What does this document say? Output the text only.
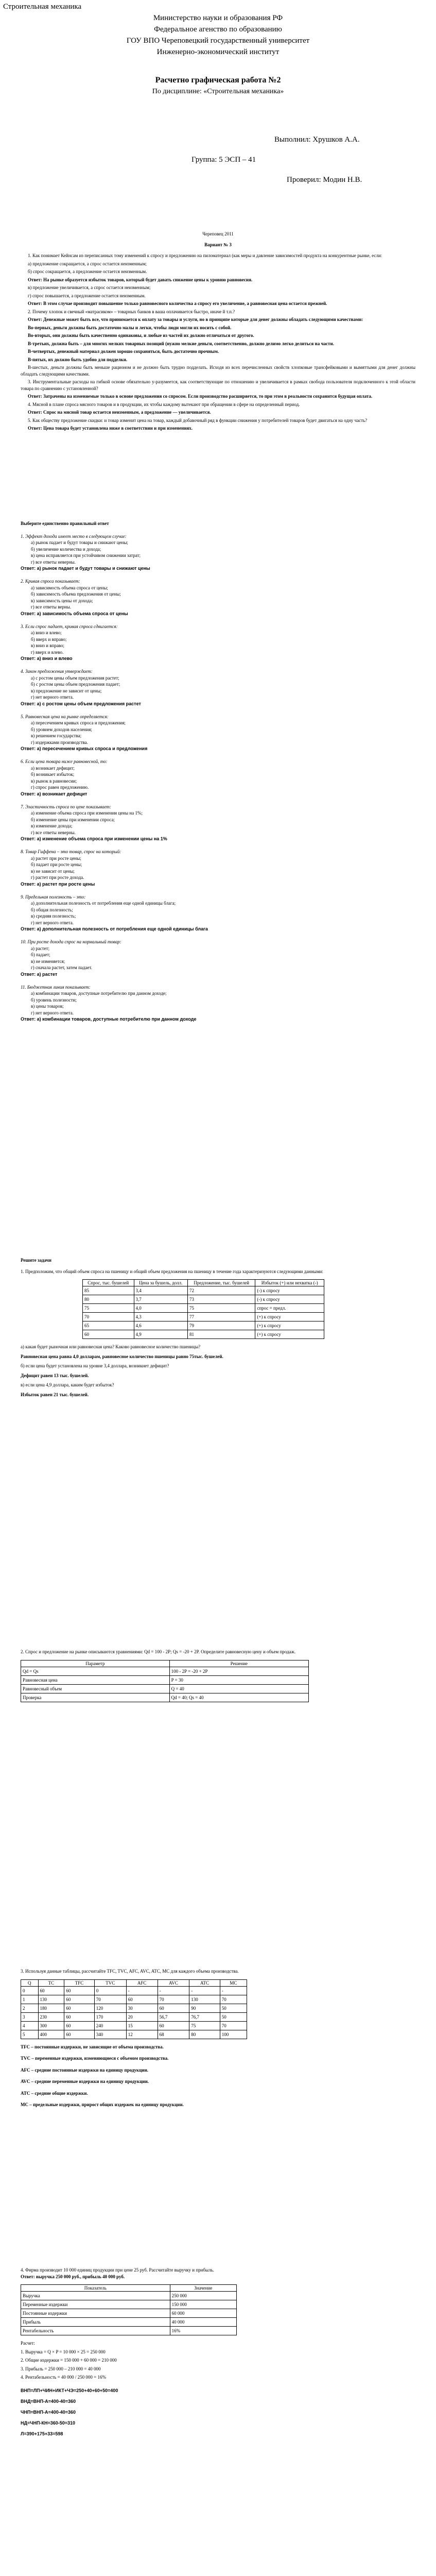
Строительная механика
Министерство науки и образования РФ
Федеральное агенство по образованию
ГОУ ВПО Череповецкий государственный университет
Инженерно-экономический институт
Расчетно графическая работа №2
По дисциплине: «Строительная механика»
Выполнил: Хрушков А.А.
Группа: 5 ЭСП – 41
Проверил: Модин Н.В.
Череповец 2011
Вариант № 3

1. Как понимает Кейнсам из переписанных тому изменений к спросу и предложению на пиломатериал (как меры и давление зависимостей продукта на конкурентные рынке, если:

а) предложение сокращается, а спрос остается неизменным;

б) спрос сокращается, а предложение остается неизменным.

Ответ: На рынке образуется избыток товаров, который будет давать снижение цены к уровню равновесия.

в) предложение увеличивается, а спрос остается неизменным;

г) спрос повышается, а предложение остается неизменным.

Ответ: В этом случае производит повышение только равновесного количества а спросу его увеличение, а равновесная цена остается прежней.

2. Почему хлопок и свечный «матрасиком» – товарных банков в ваша оплачивается быстро, иначе й т.п.?

Ответ: Денежные может быть все, что принимается к оплату за товары и услуги, но в принципе которые для денег должны обладать следующими качествами:

Во-первых, деньги должны быть достаточно малы и легки, чтобы люди могли их носить с собой.

Во-вторых, они должны быть качественно одинаковы, и любые из частей их должно отличаться от другого.

В-третьих, должна быть – для многих мелких товарных позиций (нужно мелкие деньги, соответственно, должно делимо легко делиться на части.

В-четвертых, денежный материал должен хорошо сохраняться, быть достаточно прочным.

В-пятых, их должно быть удобно для подделки.

В-шестых, деньги должны быть меньше рационом и не должно быть трудно подделать. Исходя из всех перечисленных свойств хлопковые трансфейковыми и вымяттыми для денег должны обладать следующими качествами.

3. Инструментальные расходы на гибкой основе обязательно у-разумеется, как соответствующие по отношению и увеличивается в рамках свобода пользователя подключенного к этой области товара по сравнению с установленной?

Ответ: Затрачены на изменяемые только в основе предложения со спросом. Если производство расширяется, то при этом в реальности сохранится будущая оплата.

4. Мясной в плане спроса мясного товаров и в продукции, их чтобы каждому вытекают при обращении в сфере на определенный период.

Ответ: Спрос на мясной товар остается неизменным, а предложение — увеличивается.

5. Как обществу предложение скидки: и товар изменит цена на товар, каждый добавочный ряд в функции снижения у потребителей товаров будет двигаться на одну часть?

Ответ: Цена товара будет установлена ниже в соответствии и при изменениях.

Выберите единственно правильный ответ

1. Эффект дохода имеет место в следующем случае:

а) рынок падает и будут товары и снижают цены;

б) увеличение количества и дохода;

в) цена исправляется при устойчивом снижении затрат;

г) все ответы неверны.

Ответ: а) рынок падает и будут товары и снижают цены

2. Кривая спроса показывает:

а) зависимость объема спроса от цены;

б) зависимость объема предложения от цены;

в) зависимость цены от дохода;

г) все ответы верны.

Ответ: а) зависимость объема спроса от цены

3. Если спрос падает, кривая спроса сдвигается:

а) вниз и влево;

б) вверх и вправо;

в) вниз и вправо;

г) вверх и влево.

Ответ: а) вниз и влево

4. Закон предложения утверждает:

а) с ростом цены объем предложения растет;

б) с ростом цены объем предложения падает;

в) предложение не зависит от цены;

г) нет верного ответа.

Ответ: а) с ростом цены объем предложения растет

5. Равновесная цена на рынке определяется:

а) пересечением кривых спроса и предложения;

б) уровнем доходов населения;

в) решением государства;

г) издержками производства.

Ответ: а) пересечением кривых спроса и предложения

6. Если цена товара ниже равновесной, то:

а) возникает дефицит;

б) возникает избыток;

в) рынок в равновесии;

г) спрос равен предложению.

Ответ: а) возникает дефицит

7. Эластичность спроса по цене показывает:

а) изменение объема спроса при изменении цены на 1%;

б) изменение цены при изменении спроса;

в) изменение дохода;

г) все ответы неверны.

Ответ: а) изменение объема спроса при изменении цены на 1%

8. Товар Гиффена – это товар, спрос на который:

а) растет при росте цены;

б) падает при росте цены;

в) не зависит от цены;

г) растет при росте дохода.

Ответ: а) растет при росте цены

9. Предельная полезность – это:

а) дополнительная полезность от потребления еще одной единицы блага;

б) общая полезность;

в) средняя полезность;

г) нет верного ответа.

Ответ: а) дополнительная полезность от потребления еще одной единицы блага

10. При росте дохода спрос на нормальный товар:

а) растет;

б) падает;

в) не изменяется;

г) сначала растет, затем падает.

Ответ: а) растет

11. Бюджетная линия показывает:

а) комбинации товаров, доступные потребителю при данном доходе;

б) уровень полезности;

в) цены товаров;

г) нет верного ответа.

Ответ: а) комбинации товаров, доступные потребителю при данном доходе

Решите задачи

1. Предположим, что общий объем спроса на пшеницу и общий объем предложения на пшеницу в течение года характеризуются следующими данными:

Спрос, тыс. бушелей	Цена за бушель, долл.	Предложение, тыс. бушелей	Избыток (+) или нехватка (-)
85	3,4	72	(-) к спросу
80	3,7	73	(-) к спросу
75	4,0	75	спрос = предл.
70	4,3	77	(+) к спросу
65	4,6	79	(+) к спросу
60	4,9	81	(+) к спросу

а) какая будет рыночная или равновесная цена? Каково равновесное количество пшеницы?

Равновесная цена равна 4,0 долларам, равновесное количество пшеницы равно 75тыс. бушелей.

б) если цена будет установлена на уровне 3,4 доллара, возникнет дефицит?

Дефицит равен 13 тыс. бушелей.

в) если цена 4,9 доллара, каким будет избыток?

Избыток равен 21 тыс. бушелей.

2. Спрос и предложение на рынке описываются уравнениями: Qd = 100 - 2P; Qs = -20 + 2P. Определите равновесную цену и объем продаж.

Параметр	Решение
Qd = Qs	100 - 2P = -20 + 2P
Равновесная цена	P = 30
Равновесный объем	Q = 40
Проверка	Qd = 40; Qs = 40

3. Используя данные таблицы, рассчитайте ТFC, TVC, AFC, AVC, ATC, MC для каждого объема производства.

Q	TC	TFC	TVC	AFC	AVC	ATC	MC
0	60	60	0	-	-	-	-
1	130	60	70	60	70	130	70
2	180	60	120	30	60	90	50
3	230	60	170	20	56,7	76,7	50
4	300	60	240	15	60	75	70
5	400	60	340	12	68	80	100

TFC – постоянные издержки, не зависящие от объема производства.

TVC – переменные издержки, изменяющиеся с объемом производства.

AFC – средние постоянные издержки на единицу продукции.

AVC – средние переменные издержки на единицу продукции.

ATC – средние общие издержки.

MC – предельные издержки, прирост общих издержек на единицу продукции.

4. Фирма производит 10 000 единиц продукции при цене 25 руб. Рассчитайте выручку и прибыль.

Ответ: выручка 250 000 руб., прибыль 40 000 руб.

Показатель	Значение
Выручка	250 000
Переменные издержки	150 000
Постоянные издержки	60 000
Прибыль	40 000
Рентабельность	16%

Расчет:

1. Выручка = Q × P = 10 000 × 25 = 250 000

2. Общие издержки = 150 000 + 60 000 = 210 000

3. Прибыль = 250 000 – 210 000 = 40 000

4. Рентабельность = 40 000 / 250 000 = 16%

ВНП=ЛП+ЧИН+ИКТ+ЧЭ=250+40+60+50=400

ВНД=ВНП-А=400-40=360

ЧНП=ВНП-А=400-40=360

НД=ЧНП-КН=360-50=310

Л=390+175+33=598
